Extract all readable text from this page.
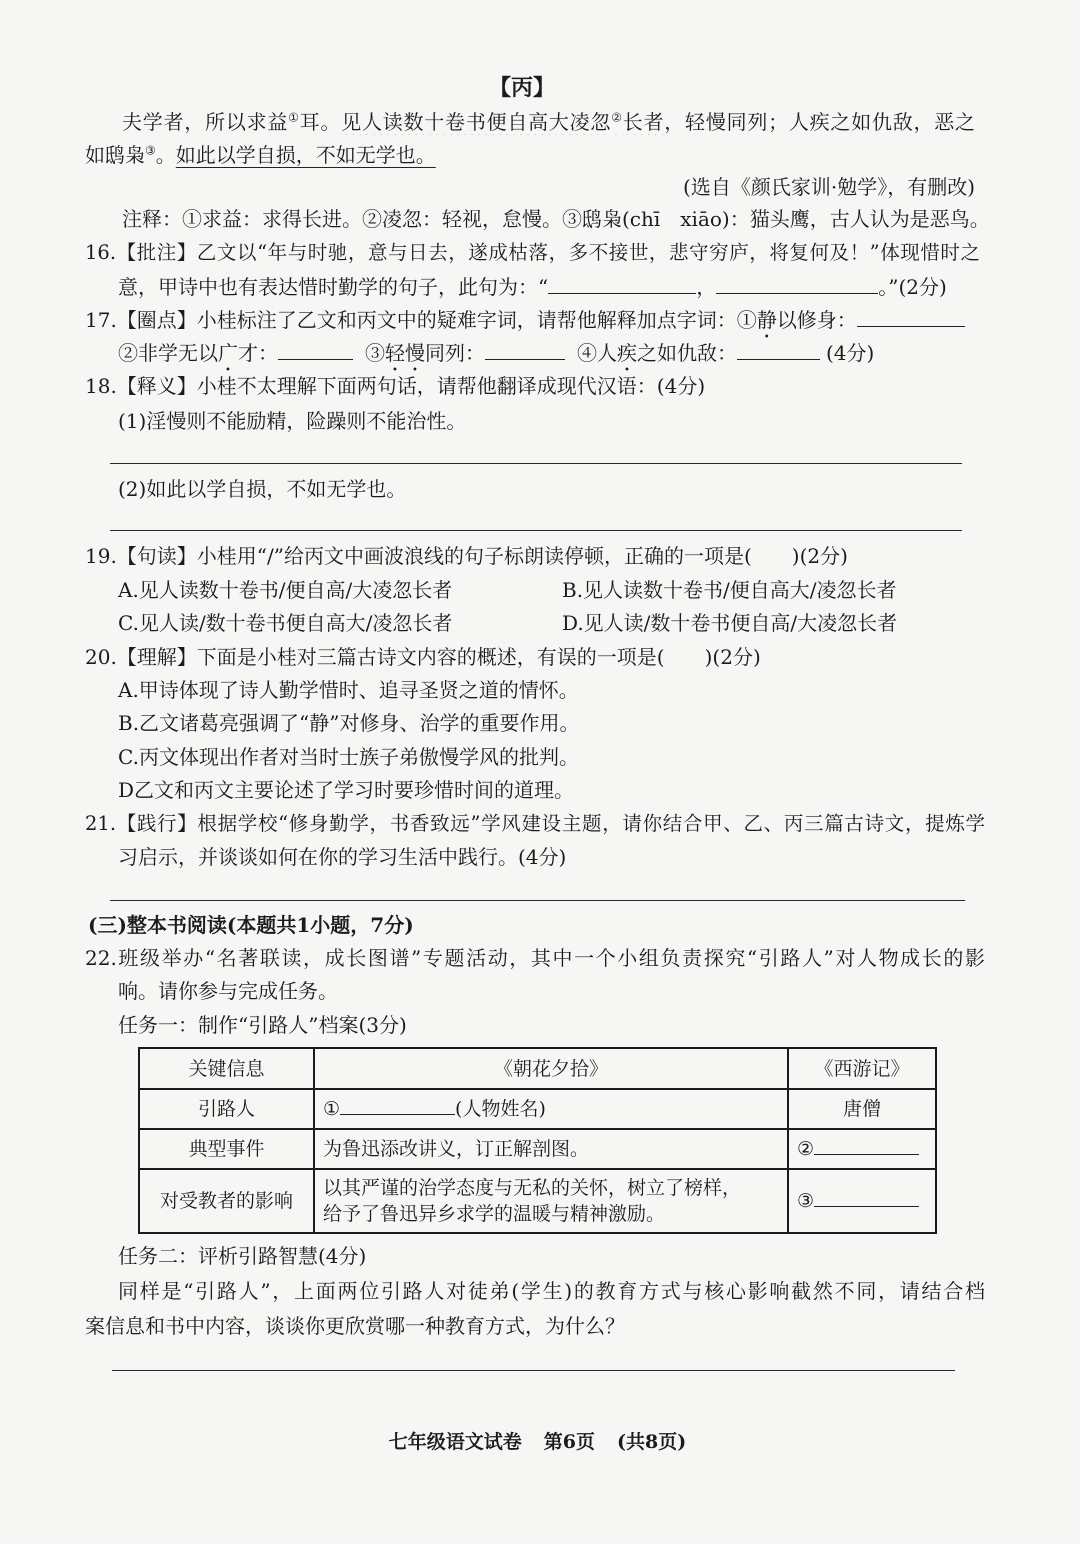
【丙】
夫学者，所以求益①耳。见人读数十卷书便自高大凌忽②长者，轻慢同列；人疾之如仇敌，恶之
如鸱枭③。如此以学自损，不如无学也。
(选自《颜氏家训·勉学》，有删改)
注释：①求益：求得长进。②凌忽：轻视，怠慢。③鸱枭(chī　xiāo)：猫头鹰，古人认为是恶鸟。
16.【批注】乙文以“年与时驰，意与日去，遂成枯落，多不接世，悲守穷庐，将复何及！”体现惜时之
意，甲诗中也有表达惜时勤学的句子，此句为：“	，	。”(2分)
17.【圈点】小桂标注了乙文和丙文中的疑难字词，请帮他解释加点字词：①静以修身：
②非学无以广才：	③轻慢同列：	④人疾之如仇敌：	(4分)
18.【释义】小桂不太理解下面两句话，请帮他翻译成现代汉语：(4分)
(1)淫慢则不能励精，险躁则不能治性。
(2)如此以学自损，不如无学也。
19.【句读】小桂用“/”给丙文中画波浪线的句子标朗读停顿，正确的一项是(　　)(2分)
A.见人读数十卷书/便自高/大凌忽长者	B.见人读数十卷书/便自高大/凌忽长者
C.见人读/数十卷书便自高大/凌忽长者	D.见人读/数十卷书便自高/大凌忽长者
20.【理解】下面是小桂对三篇古诗文内容的概述，有误的一项是(　　)(2分)
A.甲诗体现了诗人勤学惜时、追寻圣贤之道的情怀。
B.乙文诸葛亮强调了“静”对修身、治学的重要作用。
C.丙文体现出作者对当时士族子弟傲慢学风的批判。
D乙文和丙文主要论述了学习时要珍惜时间的道理。
21.【践行】根据学校“修身勤学，书香致远”学风建设主题，请你结合甲、乙、丙三篇古诗文，提炼学
习启示，并谈谈如何在你的学习生活中践行。(4分)
(三)整本书阅读(本题共1小题，7分)
22.班级举办“名著联读，成长图谱”专题活动，其中一个小组负责探究“引路人”对人物成长的影
响。请你参与完成任务。
任务一：制作“引路人”档案(3分)
关键信息	《朝花夕拾》	《西游记》
引路人	① (人物姓名)	唐僧
典型事件	为鲁迅添改讲义，订正解剖图。	②
对受教者的影响	以其严谨的治学态度与无私的关怀，树立了榜样，
给予了鲁迅异乡求学的温暖与精神激励。	③
任务二：评析引路智慧(4分)
同样是“引路人”，上面两位引路人对徒弟(学生)的教育方式与核心影响截然不同，请结合档
案信息和书中内容，谈谈你更欣赏哪一种教育方式，为什么？
七年级语文试卷 第6页 (共8页)
